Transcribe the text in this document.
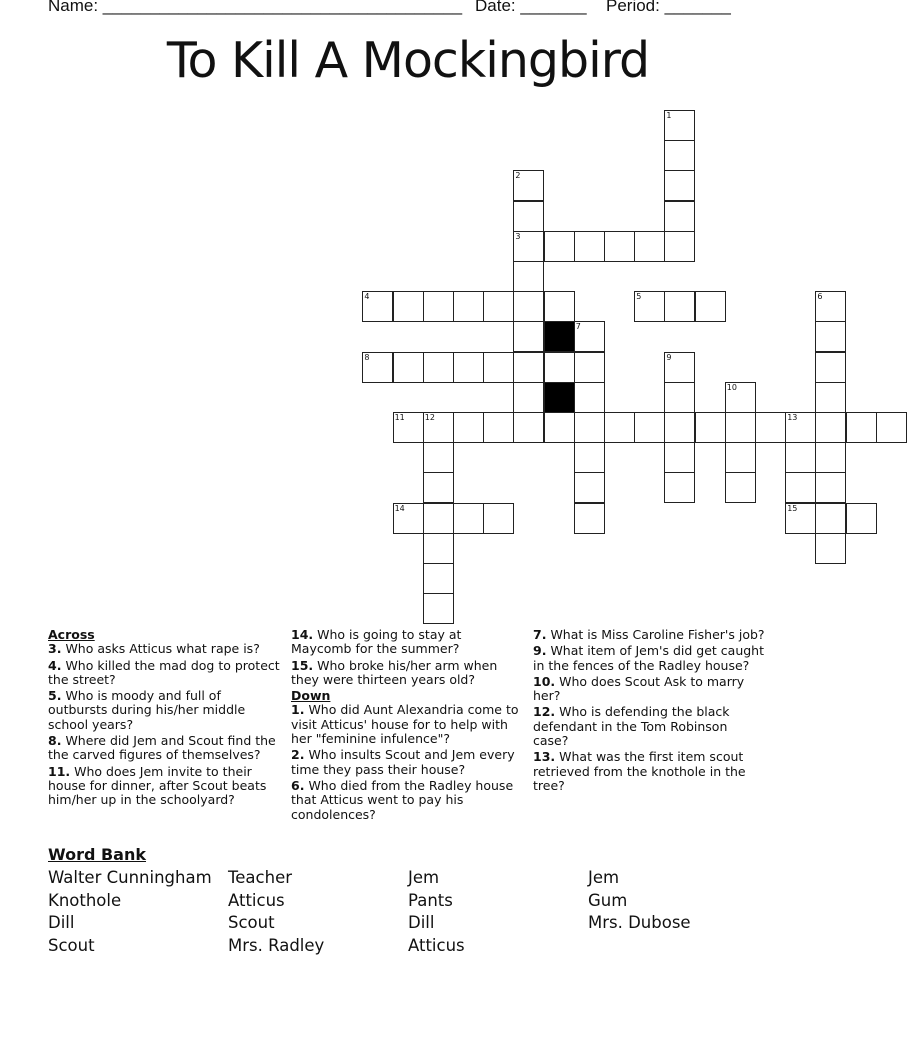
Name: ______________________________________ Date: _______ Period: _______
To Kill A Mockingbird
1
2
3
4	5	6
7
8	9
10
11	12	13
14	15
Across

3. Who asks Atticus what rape is?

4. Who killed the mad dog to protect the street?

5. Who is moody and full of outbursts during his/her middle school years?

8. Where did Jem and Scout find the the carved figures of themselves?

11. Who does Jem invite to their house for dinner, after Scout beats him/her up in the schoolyard?

14. Who is going to stay at Maycomb for the summer?

15. Who broke his/her arm when they were thirteen years old?

Down

1. Who did Aunt Alexandria come to visit Atticus' house for to help with her "feminine infulence"?

2. Who insults Scout and Jem every time they pass their house?

6. Who died from the Radley house that Atticus went to pay his condolences?

7. What is Miss Caroline Fisher's job?

9. What item of Jem's did get caught in the fences of the Radley house?

10. Who does Scout Ask to marry her?

12. Who is defending the black defendant in the Tom Robinson case?

13. What was the first item scout retrieved from the knothole in the tree?

Word Bank
Walter Cunningham
Knothole
Dill
Scout
Teacher
Atticus
Scout
Mrs. Radley
Jem
Pants
Dill
Atticus
Jem
Gum
Mrs. Dubose
